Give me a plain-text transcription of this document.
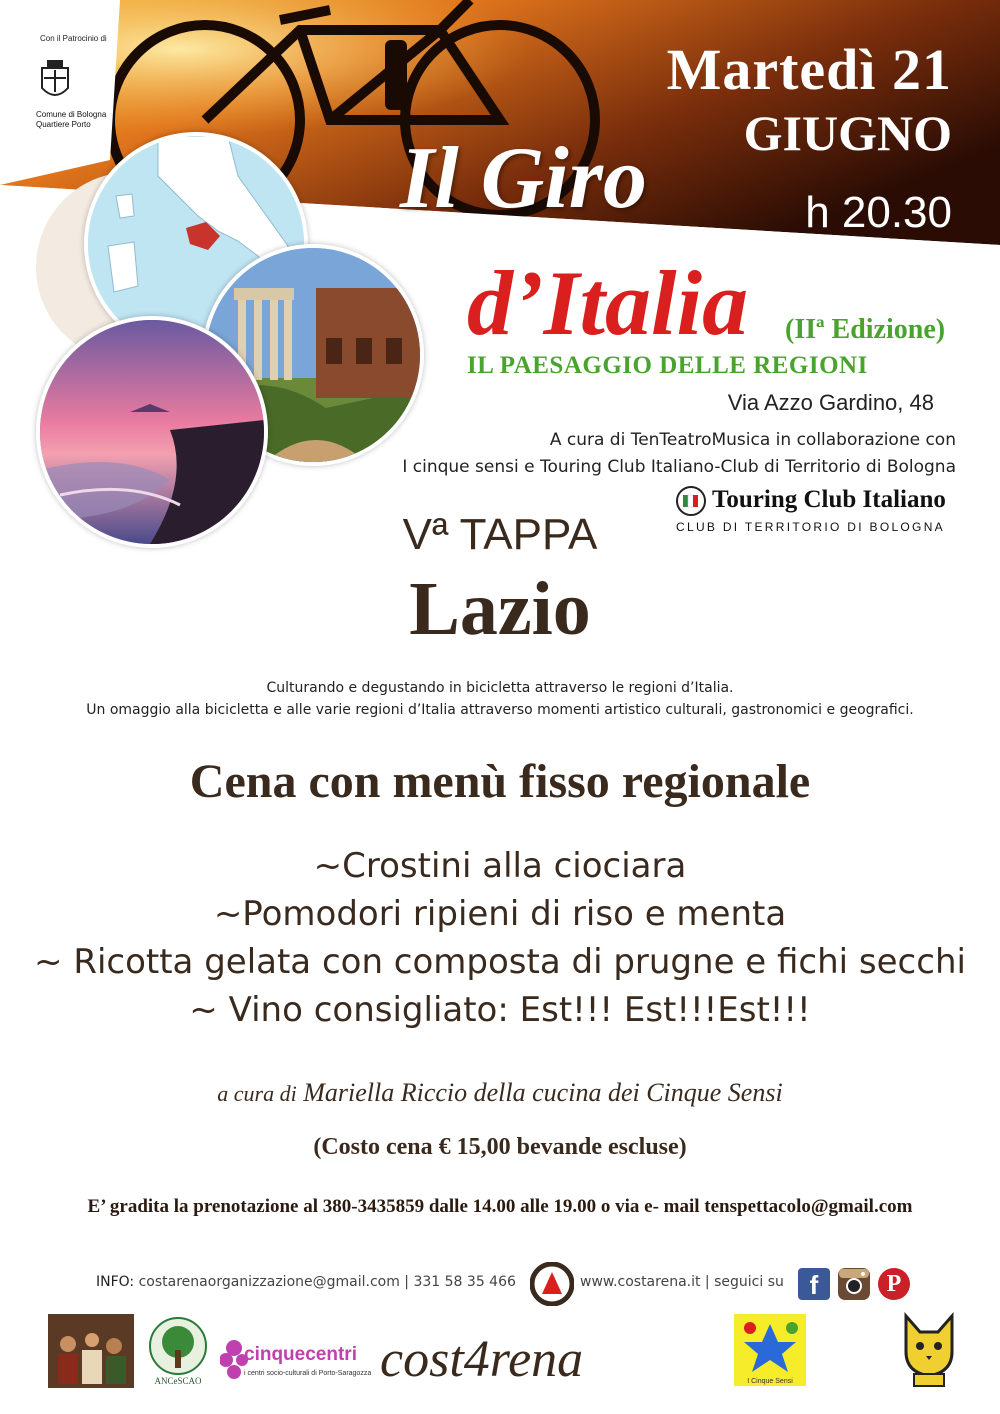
Con il Patrocinio di
Comune di Bologna
Quartiere Porto
Martedì 21
GIUGNO
h 20.30
Il Giro
d’Italia (IIª Edizione)
IL PAESAGGIO DELLE REGIONI
Via Azzo Gardino, 48
A cura di TenTeatroMusica in collaborazione con
I cinque sensi e Touring Club Italiano-Club di Territorio di Bologna
Touring Club Italiano
CLUB DI TERRITORIO DI BOLOGNA
Vª TAPPA
Lazio
Culturando e degustando in bicicletta attraverso le regioni d’Italia.
Un omaggio alla bicicletta e alle varie regioni d’Italia attraverso momenti artistico culturali, gastronomici e geografici.
Cena con menù fisso regionale
~Crostini alla ciociara
~Pomodori ripieni di riso e menta
~ Ricotta gelata con composta di prugne e fichi secchi
~ Vino consigliato: Est!!! Est!!!Est!!!
a cura di Mariella Riccio della cucina dei Cinque Sensi
(Costo cena € 15,00 bevande escluse)
E’ gradita la prenotazione al 380-3435859 dalle 14.00 alle 19.00 o via e- mail tenspettacolo@gmail.com
INFO: costarenaorganizzazione@gmail.com | 331 58 35 466	www.costarena.it | seguici su f	P
ANCeSCAO
cinquecentri
i centri socio-culturali di Porto-Saragozza cost4rena	I Cinque Sensi
